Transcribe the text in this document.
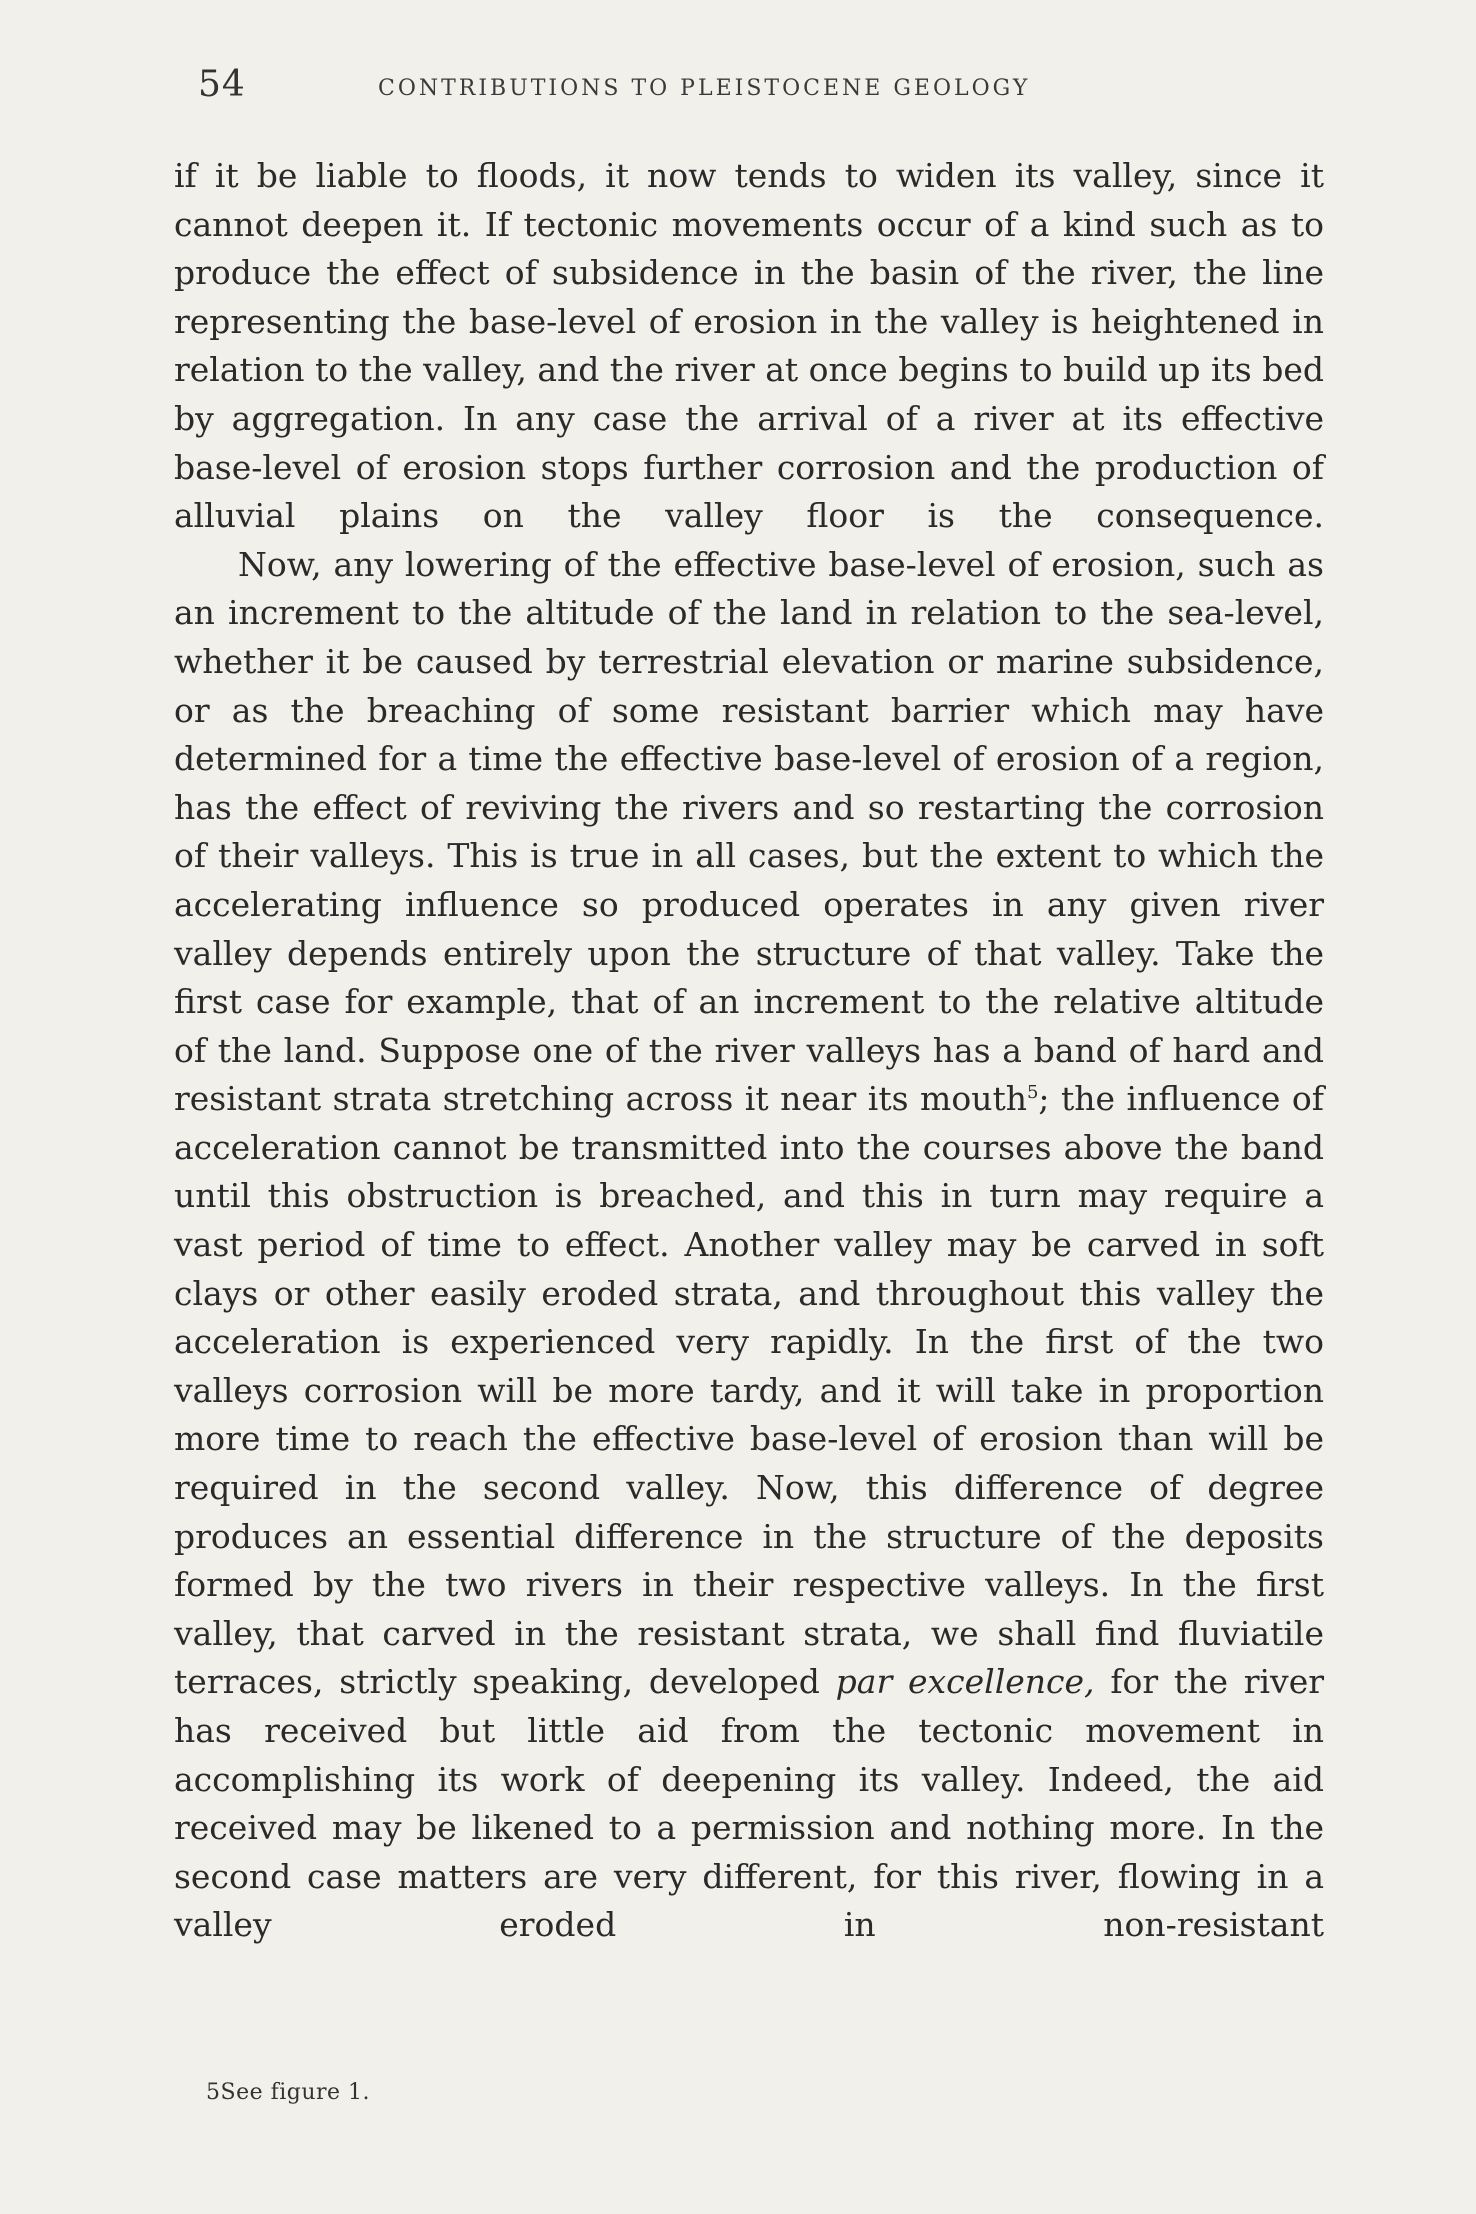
54	CONTRIBUTIONS TO PLEISTOCENE GEOLOGY

if it be liable to floods, it now tends to widen its valley, since it cannot deepen it. If tectonic movements occur of a kind such as to produce the effect of subsidence in the basin of the river, the line representing the base-level of erosion in the valley is heightened in relation to the valley, and the river at once begins to build up its bed by aggregation. In any case the arrival of a river at its effective base-level of erosion stops further corrosion and the production of alluvial plains on the valley floor is the consequence.

Now, any lowering of the effective base-level of erosion, such as an increment to the altitude of the land in relation to the sea-level, whether it be caused by terrestrial elevation or marine subsidence, or as the breaching of some resistant barrier which may have determined for a time the effective base-level of erosion of a region, has the effect of reviving the rivers and so restarting the corrosion of their valleys. This is true in all cases, but the extent to which the accelerating influence so produced operates in any given river valley depends entirely upon the structure of that valley. Take the first case for example, that of an increment to the relative altitude of the land. Suppose one of the river valleys has a band of hard and resistant strata stretching across it near its mouth$^5$; the influence of acceleration cannot be transmitted into the courses above the band until this obstruction is breached, and this in turn may require a vast period of time to effect. Another valley may be carved in soft clays or other easily eroded strata, and throughout this valley the acceleration is experienced very rapidly. In the first of the two valleys corrosion will be more tardy, and it will take in proportion more time to reach the effective base-level of erosion than will be required in the second valley. Now, this difference of degree produces an essential difference in the structure of the deposits formed by the two rivers in their respective valleys. In the first valley, that carved in the resistant strata, we shall find fluviatile terraces, strictly speaking, developed par excellence, for the river has received but little aid from the tectonic movement in accomplishing its work of deepening its valley. Indeed, the aid received may be likened to a permission and nothing more. In the second case matters are very different, for this river, flowing in a valley eroded in non-resistant

5See figure 1.
